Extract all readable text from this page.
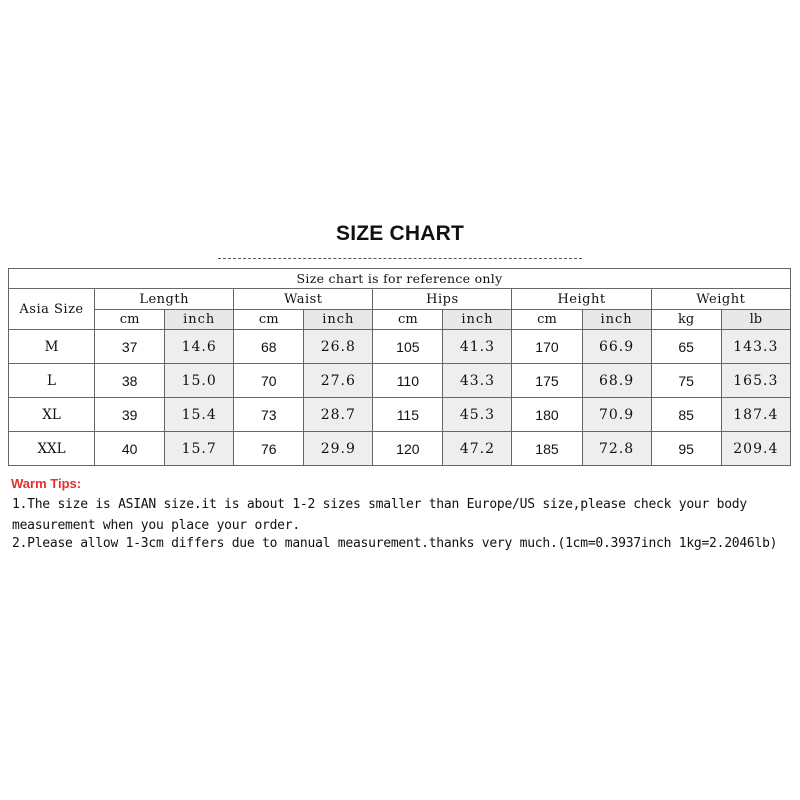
SIZE CHART
Size chart is for reference only										
Asia Size	Length		Waist		Hips		Height		Weight	
	cm	inch	cm	inch	cm	inch	cm	inch	kg	lb
M	37	14.6	68	26.8	105	41.3	170	66.9	65	143.3
L	38	15.0	70	27.6	110	43.3	175	68.9	75	165.3
XL	39	15.4	73	28.7	115	45.3	180	70.9	85	187.4
XXL	40	15.7	76	29.9	120	47.2	185	72.8	95	209.4
Warm Tips:
1.The size is ASIAN size.it is about 1-2 sizes smaller than Europe/US size,please check your body measurement when you place your order.
2.Please allow 1-3cm differs due to manual measurement.thanks very much.(1cm=0.3937inch 1kg=2.2046lb)
